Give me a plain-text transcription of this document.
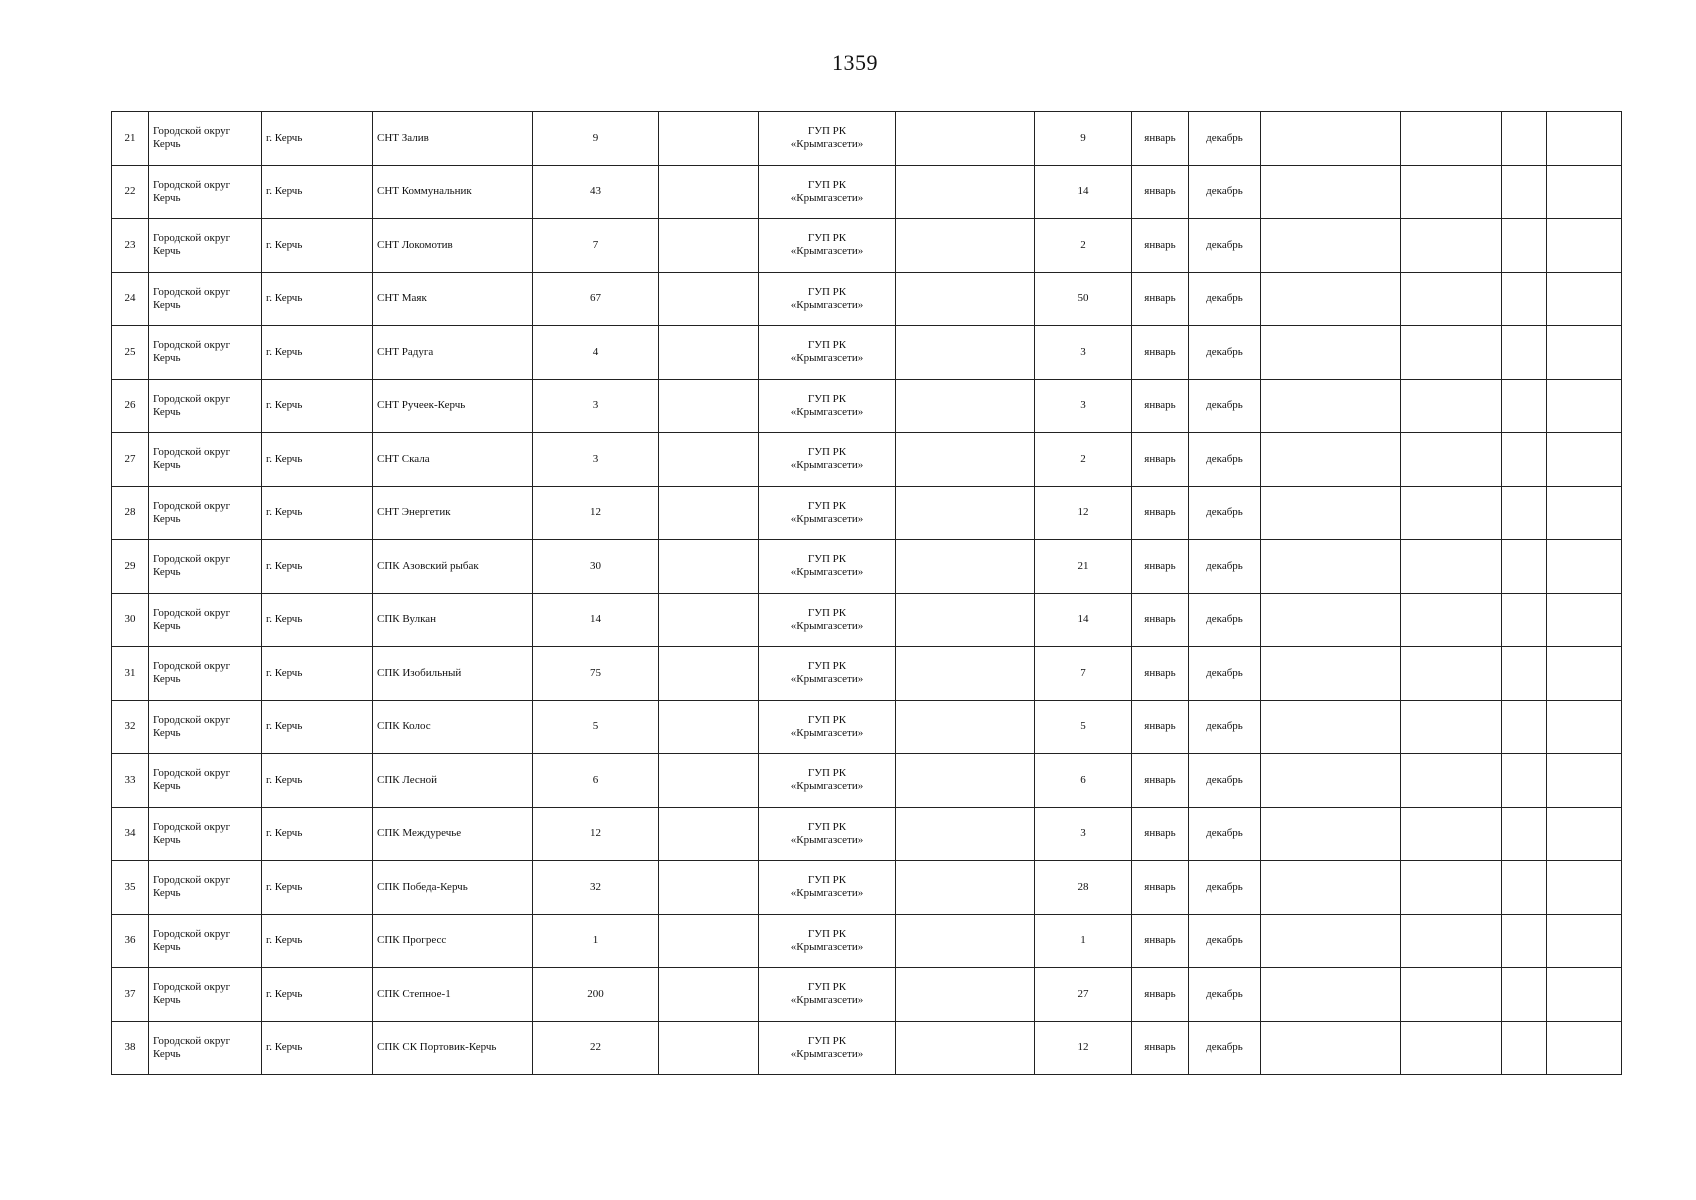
1359
21	Городской округ Керчь	г. Керчь	СНТ Залив	9		ГУП РК
«Крымгазсети»		9	январь	декабрь				
22	Городской округ Керчь	г. Керчь	СНТ Коммунальник	43		ГУП РК
«Крымгазсети»		14	январь	декабрь				
23	Городской округ Керчь	г. Керчь	СНТ Локомотив	7		ГУП РК
«Крымгазсети»		2	январь	декабрь				
24	Городской округ Керчь	г. Керчь	СНТ Маяк	67		ГУП РК
«Крымгазсети»		50	январь	декабрь				
25	Городской округ Керчь	г. Керчь	СНТ Радуга	4		ГУП РК
«Крымгазсети»		3	январь	декабрь				
26	Городской округ Керчь	г. Керчь	СНТ Ручеек-Керчь	3		ГУП РК
«Крымгазсети»		3	январь	декабрь				
27	Городской округ Керчь	г. Керчь	СНТ Скала	3		ГУП РК
«Крымгазсети»		2	январь	декабрь				
28	Городской округ Керчь	г. Керчь	СНТ Энергетик	12		ГУП РК
«Крымгазсети»		12	январь	декабрь				
29	Городской округ Керчь	г. Керчь	СПК Азовский рыбак	30		ГУП РК
«Крымгазсети»		21	январь	декабрь				
30	Городской округ Керчь	г. Керчь	СПК Вулкан	14		ГУП РК
«Крымгазсети»		14	январь	декабрь				
31	Городской округ Керчь	г. Керчь	СПК Изобильный	75		ГУП РК
«Крымгазсети»		7	январь	декабрь				
32	Городской округ Керчь	г. Керчь	СПК Колос	5		ГУП РК
«Крымгазсети»		5	январь	декабрь				
33	Городской округ Керчь	г. Керчь	СПК Лесной	6		ГУП РК
«Крымгазсети»		6	январь	декабрь				
34	Городской округ Керчь	г. Керчь	СПК Междуречье	12		ГУП РК
«Крымгазсети»		3	январь	декабрь				
35	Городской округ Керчь	г. Керчь	СПК Победа-Керчь	32		ГУП РК
«Крымгазсети»		28	январь	декабрь				
36	Городской округ Керчь	г. Керчь	СПК Прогресс	1		ГУП РК
«Крымгазсети»		1	январь	декабрь				
37	Городской округ Керчь	г. Керчь	СПК Степное-1	200		ГУП РК
«Крымгазсети»		27	январь	декабрь				
38	Городской округ Керчь	г. Керчь	СПК СК Портовик-Керчь	22		ГУП РК
«Крымгазсети»		12	январь	декабрь				
